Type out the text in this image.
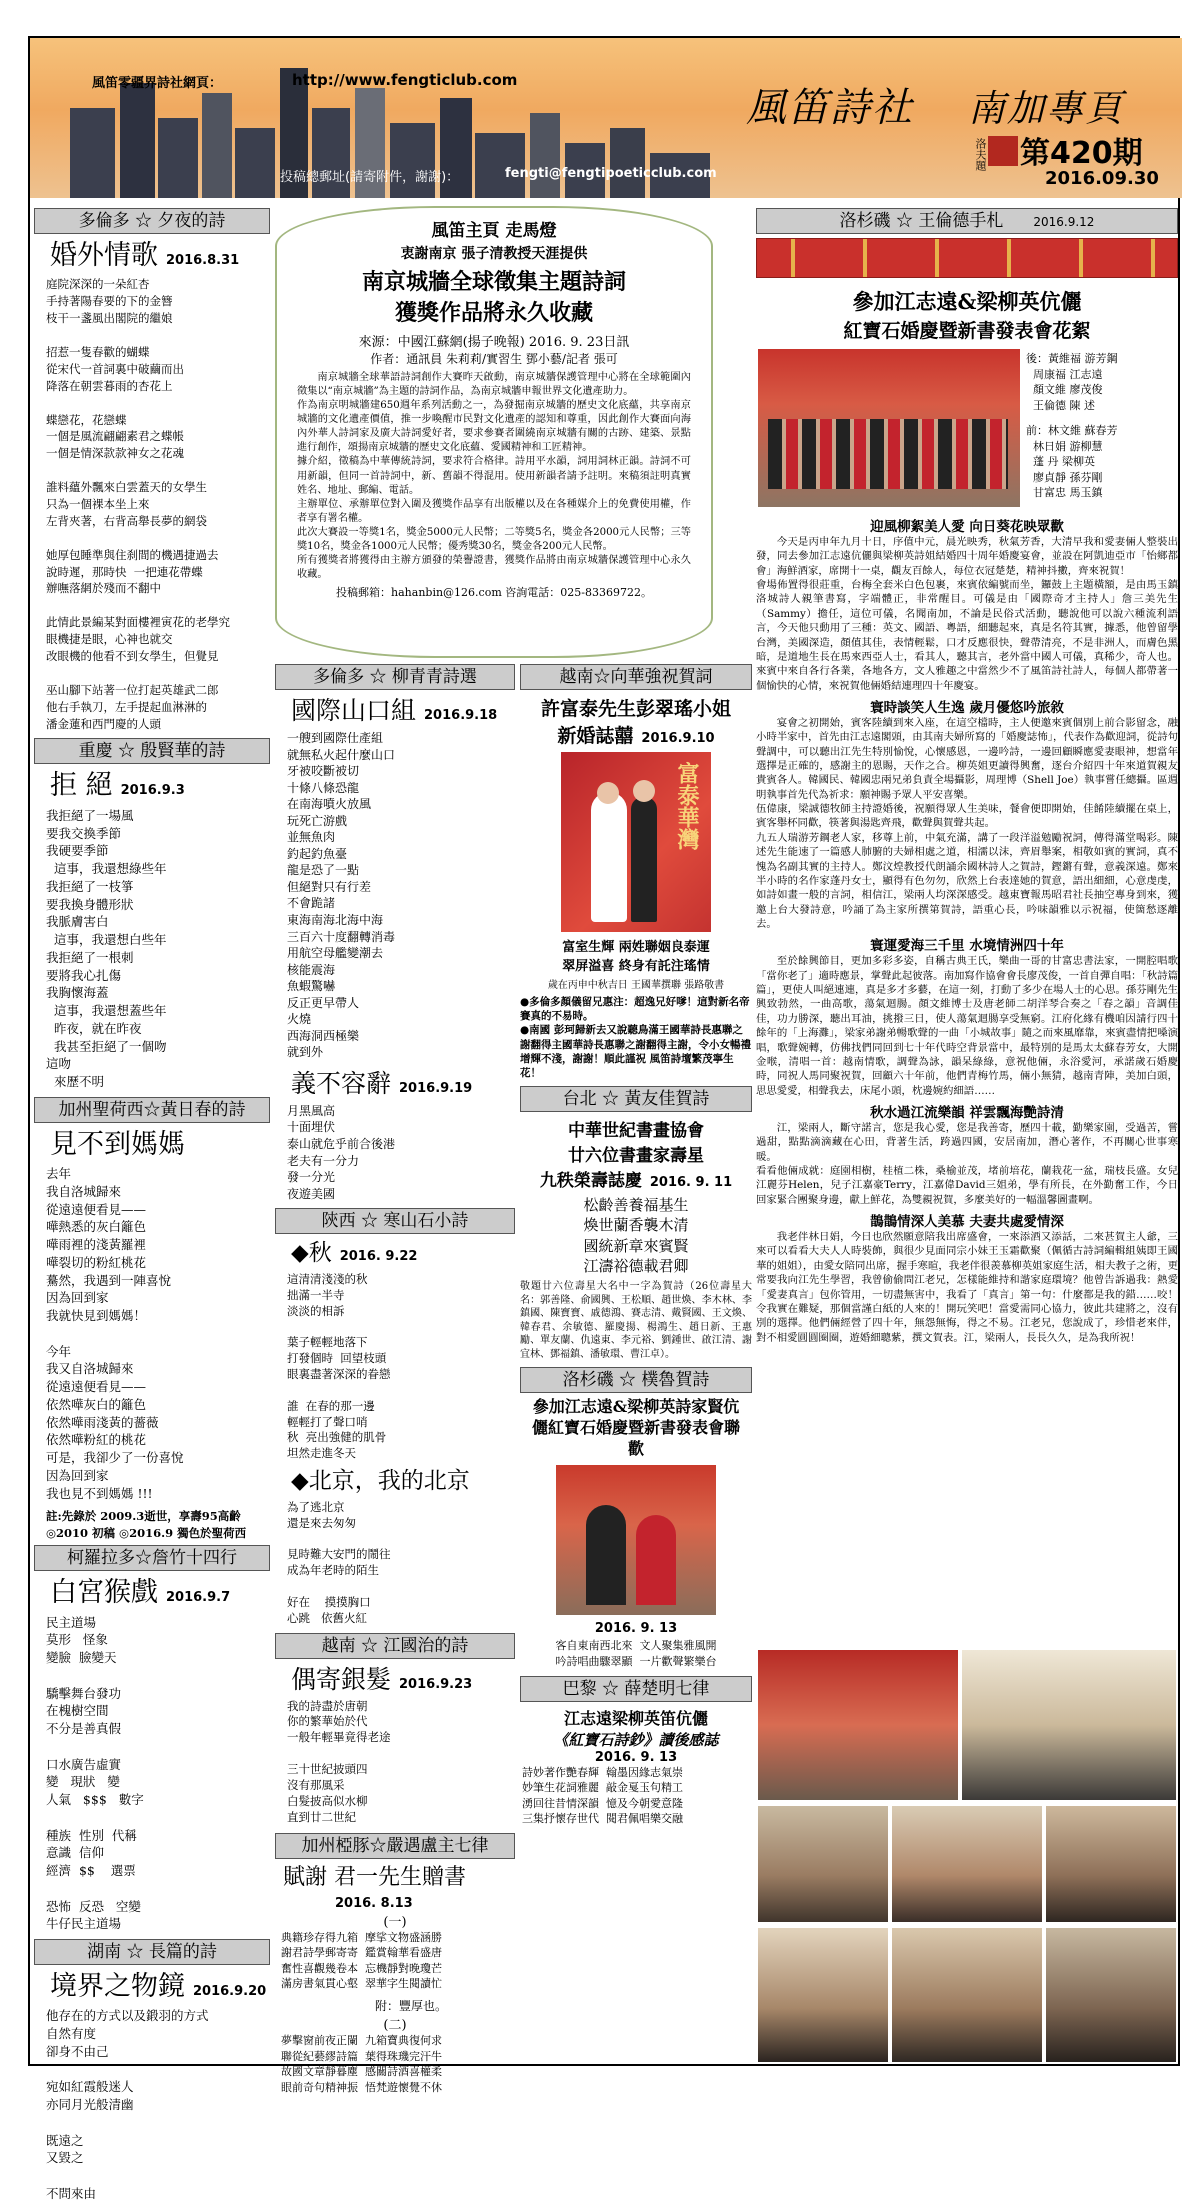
風笛零疆界詩社網頁：	http://www.fengticlub.com
投稿總郵址(請寄附件，謝謝)：	fengti@fengtipoeticclub.com
風笛詩社 南加專頁
洛夫題 第420期
2016.09.30
多倫多 ☆ 夕夜的詩
婚外情歌 2016.8.31
庭院深深的一朵紅杏
手持著陽春要的下的金簪
枝干一盞風出閣院的繼娘

招惹一隻春歡的蝴蝶
從宋代一首詞裏中破繭而出
降落在朝雲暮雨的杏花上

蝶戀花，花戀蝶
一個是風流翩翩素君之蝶帳
一個是情深款款神女之花魂

誰料蘊外飄來白雲蓋天的女學生
只為一個裸本坐上來
左背夾著，右背高舉長夢的網袋

她厚包睡準與住刹間的機遇捷過去
說時遲，那時快  一把連花帶蝶
辦嘸落網於殘而不翻中

此情此景編某對面樓裡寅花的老學究
眼機捷是眼，心神也就交
改眼機的他看不到女學生，但覺見

巫山腳下站著一位打起英雄武二郎
他右手執刀，左手提起血淋淋的
潘金蓮和西門慶的人頭
重慶 ☆ 殷賢華的詩
拒 絕 2016.9.3
我拒絕了一場風
要我交換季節
我硬要季節
這事，我還想綠些年
我拒絕了一枝箏
要我換身體形狀
我脈膚害白
這事，我還想白些年
我拒絕了一根刺
要將我心扎傷
我胸懷海蓋
這事，我還想蓋些年
昨夜，就在昨夜
我甚至拒絕了一個吻
這吻
來歷不明
加州聖荷西☆黃日春的詩
見不到媽媽
去年
我自洛城歸來
從遠遠便看見——
嘩熱悉的灰白籬色
嘩雨裡的淺黃羅裡
嘩裂切的粉紅桃花
驀然，我遇到一陣喜悅
因為回到家
我就快見到媽媽！

今年
我又自洛城歸來
從遠遠便看見——
依然嘩灰白的籬色
依然嘩雨淺黃的薔薇
依然嘩粉紅的桃花
可是，我卻少了一份喜悅
因為回到家
我也見不到媽媽 !!!
註:先錄於 2009.3逝世，享壽95高齡
◎2010 初稿 ◎2016.9 獨色於聖荷西
柯羅拉多☆詹竹十四行
白宮猴戲 2016.9.7
民主道場
莫形   怪象
變臉  臉變天

驕擊舞台發功
在槐樹空間
不分是善真假

口水廣告虛實
變   現狀   變
人氣   $$$   數字

種族  性別  代稱
意識  信仰
經濟  $$    選票

恐怖  反恐   空變
牛仔民主道場
湖南 ☆ 長篇的詩
境界之物鏡 2016.9.20
他存在的方式以及鍛羽的方式
自然有度
卻身不由己

宛如紅霞般迷人
亦同月光般清幽

既遠之
又毀之

不問來由
風笛主頁 走馬燈
衷謝南京 張子清教授天涯提供
南京城牆全球徵集主題詩詞
獲獎作品將永久收藏
來源：中國江蘇網(揚子晚報) 2016. 9. 23日訊
作者：通訊員 朱莉莉/實習生 鄧小藝/記者 張可
南京城牆全球華語詩詞創作大賽昨天啟動，南京城牆保護管理中心將在全球範圍內徵集以“南京城牆”為主題的詩詞作品，為南京城牆申報世界文化遺產助力。
作為南京明城牆建650週年系列活動之一，為發掘南京城牆的歷史文化底蘊，共享南京城牆的文化遺產價值，推一步喚醒市民對文化遺產的認知和尊重，因此創作大賽面向海內外華人詩詞家及廣大詩詞愛好者，要求參賽者圍繞南京城牆有關的古跡、建築、景點進行創作，頌揚南京城牆的歷史文化底蘊、愛國精神和工匠精神。
據介紹，徵稿為中華傳統詩詞，要求符合格律。詩用平水韻，詞用詞林正韻。詩詞不可用新韻，但同一首詩詞中，新、舊韻不得混用。使用新韻者請予註明。來稿須註明真實姓名、地址、郵編、電話。
主辦單位、承辦單位對入圍及獲獎作品享有出版權以及在各種媒介上的免費使用權，作者享有署名權。
此次大賽設一等獎1名，獎金5000元人民幣；二等獎5名，獎金各2000元人民幣；三等獎10名，獎金各1000元人民幣；優秀獎30名，獎金各200元人民幣。
所有獲獎者將獲得由主辦方頒發的榮譽證書，獲獎作品將由南京城牆保護管理中心永久收藏。
投稿郵箱：hahanbin@126.com 咨詢電話：025-83369722。
多倫多 ☆ 柳青青詩選
國際山口組 2016.9.18
一艘到國際仕產組
就無私火起什麼山口
牙被咬斷被切
十條八條恐龍
在南海噴火放風
玩死亡游戲
並無魚肉
釣起釣魚臺
龍是恐了一點
但絕對只有行差
不會跪諸
東海南海北海中海
三百六十度翻轉消毒
用航空母艦變潮去
核能震海
魚蝦驚嚇
反正更早帶人
火燒
西海洞西極樂
就到外
義不容辭 2016.9.19
月黑風高
十面埋伏
泰山就危乎前合後港
老夫有一分力
發一分光
夜遊美國
陝西 ☆ 寒山石小詩
◆秋 2016. 9.22
這清清淺淺的秋
拙滿一半寺
淡淡的相訴

葉子輕輕地落下
打發個時  回望枝頭
眼裏盡著深深的眷戀

誰  在春的那一邊
輕輕打了聲口哨
秋  亮出強健的肌骨
坦然走進冬天
◆北京，我的北京
為了逃北京
還是來去匆匆

見時難大安門的鬧往
成為年老時的陌生

好在    摸摸胸口
心跳   依舊火紅
越南 ☆ 江國治的詩
偶寄銀髮 2016.9.23
我的詩盡於唐朝
你的繁華始於代
一般年輕畢竟得老途

三十世紀披頭四
沒有那風采
白髮披高似水柳
直到廿二世紀
加州椏豚☆嚴遇盧主七律
賦謝 君一先生贈書
2016. 8.13
(一)
典籍珍存得九箱  摩挲文物盛涵勝
謝君詩學郵寄寄  鑑賞翰華看盛唐
奮性喜觀幾卷本  忘機靜對晚瓊芒
滿房書氣貫心壑  翠華字生閱讀忙
附：豐厚也。
(二)
夢擊窗前夜正闌  九箱寶典復何求
聯從紀藝繆詩篇  葉得珠璣完汗牛
故國文章靜暮塵  感關詩酒喜權柔
眼前奇句精神振  悟梵遊懷覺不休
越南☆向華強祝賀詞
許富泰先生彭翠瑤小姐
新婚誌囍 2016.9.10
富泰華灣
富室生輝 兩姓聯姻良泰運
翠屏溢喜 終身有託注瑤情
歲在丙申中秋吉日 王國華撰聯 張路敬書
●多倫多顏儀留兄惠注：超逸兄好嗲！這對新名帝賽真的不易時。
●南國 彭珂歸新去又說聽鳥滿王國華詩長惠聯之謝翻得主國華詩長惠聯之謝翻得主謝，令小女暢禮增輝不淺，謝謝！順此謹祝 風笛詩壇繁茂寧生花！
台北 ☆ 黃友佳賀詩
中華世紀書畫協會
廿六位書畫家壽星
九秩榮壽誌慶 2016. 9. 11
松齡善養福基生
煥世蘭香襲木清
國統新章來賓賢
江濤裕德載君卿
敬題廿六位壽星大名中一字為賀詩（26位壽星大名：郭善隆、俞國興、王松順、趙世煥、李木林、李鎮國、陳寶寶、戚德鴻、賽志清、戴賢國、王文煥、韓春君、余敏德、羅慶揚、楊鴻生、趙日新、王惠勵、單友蘭、仇遠東、李元裕、劉鍾世、啟江清、謝宜林、鄧福鎮、潘敏環、曹江卓）。
洛杉磯 ☆ 樸魯賀詩
參加江志遠&梁柳英詩家賢伉儷紅寶石婚慶暨新書發表會聯歡
2016. 9. 13
客自東南西北來  文人聚集雅風開
吟詩唱曲驟翠顯  一片歡聲繁樂台
巴黎 ☆ 薛楚明七律
江志遠梁柳英笛伉儷
《紅寶石詩鈔》讀後感誌
2016. 9. 13
詩妙著作艷春輝  翰墨因緣志氣崇
妙筆生花詞雅麗  敲金戛玉句精工
湧回往昔情深韻  憶及今朝愛意隆
三集抒懷存世代  閱君佩唱樂交融
洛杉磯 ☆ 王倫德手札	2016.9.12
參加江志遠&梁柳英伉儷
紅寶石婚慶暨新書發表會花絮
後：黃維福 游芳鋼
周康福 江志遠
顏文維 廖茂俊
王倫德 陳 述
前：林文維 蘇春芳
林日娟 游柳慧
蓬 丹 梁柳英
廖貞靜 孫芬剛
甘富忠 馬玉鎮
迎風柳絮美人愛 向日葵花映眾歡
今天是丙申年九月十日，序值中元，晨光映秀，秋氣芳香，大清早我和愛妻倆人整裝出發，同去參加江志遠伉儷與梁柳英詩姐結婚四十周年婚慶宴會，並設在阿凱迪亞市「怡鄉都會」海鮮酒家，席開十一桌，觀友百餘人，每位衣冠楚楚，精神抖擻，齊來祝賀！
會場佈置得很莊重，台梅全套米白色包裹，來賓依編號而坐，鑼鼓上主題橫額，是由馬玉鎮洛城詩人親筆書寫，字端體正，非常醒目。可儀是由「國際奇才主持人」詹三美先生（Sammy）擔任，這位可儀，名聞南加，不論是民俗式活動，聽說他可以說六種流利語言，今天他只動用了三種：英文、國語、粵語，細聽起來，真是名符其實，據悉，他曾留學台灣，美國深造，顏值其佳，表情輕鬆，口才反應很快，聲帶清亮，不是非洲人，而膚色黑暗，是道地生長在馬來西亞人士，看其人，聽其言，老外當中國人可儀，真稀少，奇人也。來賓中來自各行各業，各地各方，文人雅趣之中當然少不了風笛詩社詩人，每個人都帶著一個愉快的心情，來祝賀他倆婚結連理四十年慶宴。
寰時談笑人生逸 歲月優悠吟旅敘
宴會之初開始，賓客陸續到來入座，在這空檔時，主人便邀來賓個別上前合影留念，融小時半家中，首先由江志遠閣頭，由其南夫婦所寫的「婚慶誌怖」，代表作為歡迎詞，從詩句聲調中，可以聽出江先生特別愉悅，心懷感恩，一邊吟詩，一邊回顧瞬應愛妻眼神，想當年選擇是正確的，感謝主的恩賜，天作之合。柳英姐更讀得興奮，逐台介紹四十年來道賀親友貴賓各人。韓國民、韓國忠兩兄弟負責全場攝影，周理博（Shell Joe）執事嘗任總攝。區週明執事首先代為祈求：願神賜予眾人平安喜樂。
伍偉康，梁誠德牧師主持證婚後，祝願得眾人生美味，餐會便即開始，佳餚陸續擺在桌上，賓客舉杯同歡，筷著與湯匙齊飛，歡聲與賀聲共起。
九五人瑞游芳鋼老人家，移尊上前，中氣充滿，講了一段洋溢勉勵祝詞，傳得滿堂喝彩。陳述先生能速了一篇感人肺腑的夫婦相處之道，相濡以沫，齊眉舉案，相敬如賓的實詞，真不愧為名副其實的主持人。鄭汶煌教授代朗誦余國林詩人之賀詩，鏗鏘有聲，意義深遠。鄭來半小時的名作家蓬丹女士，顯得有色勿勿，欣然上台表達她的賀意，語出細細，心意虔虔，如詩如畫一般的言詞，相信江，梁兩人均深深感受。越東寶報馬昭君社長抽空專身到來，獲邀上台大發詩意，吟誦了為主家所撰第賀詩，語重心長，吟味韻雅以示祝福，使箇愁逐離去。
寰運愛海三千里 水境情洲四十年
至於餘興節目，更加多彩多姿，自稱古典王氏，樂曲一哥的甘富忠書法家，一開腔唱歌「當你老了」適時應景，掌聲此起彼落。南加寫作協會會長廖茂俊，一首自彈自唱：「秋詩篇篇」，更使人叫絕連連，真是多才多藝，在這一刻，打動了多少在場人士的心思。孫芬剛先生興致勃然，一曲高歌，蕩氣迴腸。顏文維博士及唐老師二胡洋琴合奏之「春之韻」音調佳佳，功力勝深，聽出耳油，挑撥三日，使人蕩氣迴腸享受無窮。江府化緣有機咱因請行四十餘年的「上海灘」，梁家弟謝弟暢歌聲的一曲「小城故事」隨之而來風靡靠，來賓盡情把嗓演唱，歌聲婉轉，仿佛找們同回到七十年代時空背景當中，最特別的是馬太太蘇春芳女，大開金喉，清唱一首：越南情歌，調聲為詠，韻呆綠綠，意祝他倆，永浴愛河，承諾歲石婚慶時，同祝人馬同聚祝賀，回顧六十年前，他們青梅竹馬，倆小無猜，越南青陣，美加白頭，思思愛愛，相聲我去，床尾小頭，枕邊婉約細語……
秋水過江流樂韻 祥雲飄海艷詩清
江，梁兩人，斷守諾言，您是我心愛，您是我善寄，歷四十載，勤樂家園，受過苦，嘗過甜，點點滴滴藏在心田，背著生活，跨過四國，安居南加，潛心著作，不再關心世事寒暖。
看看他倆成就：庭園相樹，桂植二株，桑榆並茂，堵前培花，蘭栽花一盆，瑞枝長盛。女兒江麗芬Helen，兒子江嘉豪Terry，江嘉偉David三姐弟，學有所長，在外勤奮工作，今日回家緊合團聚身邊，獻上鮮花，為雙親祝賀，多麼美好的一幅溫馨圖畫啊。
鵲鵲情深人美慕 夫妻共處愛情深
我老伴林日娟，今日也欣然願意陪我出席盛會，一來添酒又添話，二來甚賀主人爺，三來可以看看大夫人人時裝飾，與很少見面同宗小妹王玉霜歡聚（佩循古詩詞編輯組姨即王國華的姐姐），由愛女陪同出席，握手寒暄，我老伴很羨慕柳英姐家庭生活，相夫教子之術，更常要我向江先生學習，我曾偷偷問江老兄，怎樣能維持和諧家庭環境？他曾告訴過我：熱愛「愛妻真言」包你管用，一切盡無害中，我看了「真言」第一句：什麼都是我的錯……咬！令我實在難疑，那個當謹白紙的人來的！開玩笑吧！當愛需同心協力，彼此共建將之，沒有別的選擇。他們倆經營了四十年，無怨無悔，得之不易。江老兄，您說成了，珍惜老來伴，對不相愛圓圓圈圈，遊婚細聰紫，撰文賀表。江，梁兩人，長長久久，是為我所祝！
